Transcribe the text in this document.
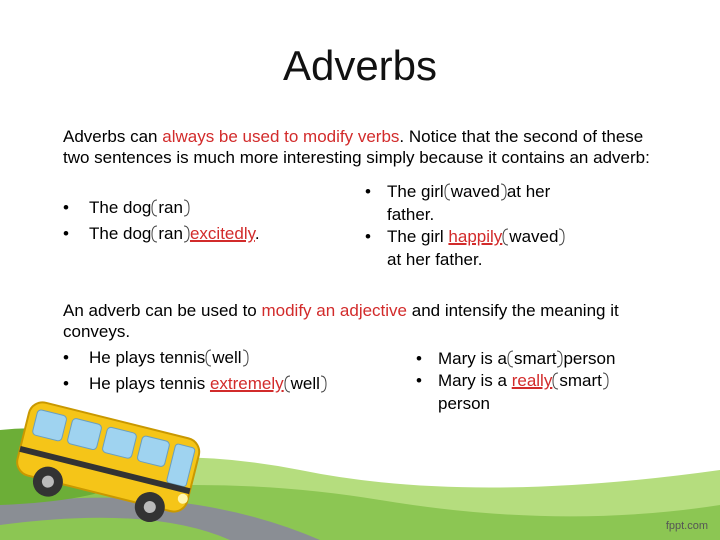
Adverbs

Adverbs can always be used to modify verbs. Notice that the second of these two sentences is much more interesting simply because it contains an adverb:

• The dog ran
• The dog ran excitedly.
• The girl waved at her
father.
• The girl happily waved
at her father.

An adverb can be used to modify an adjective and intensify the meaning it conveys.

• He plays tennis well
• He plays tennis extremely well
• Mary is a smart person
• Mary is a really smart
person
fppt.com
